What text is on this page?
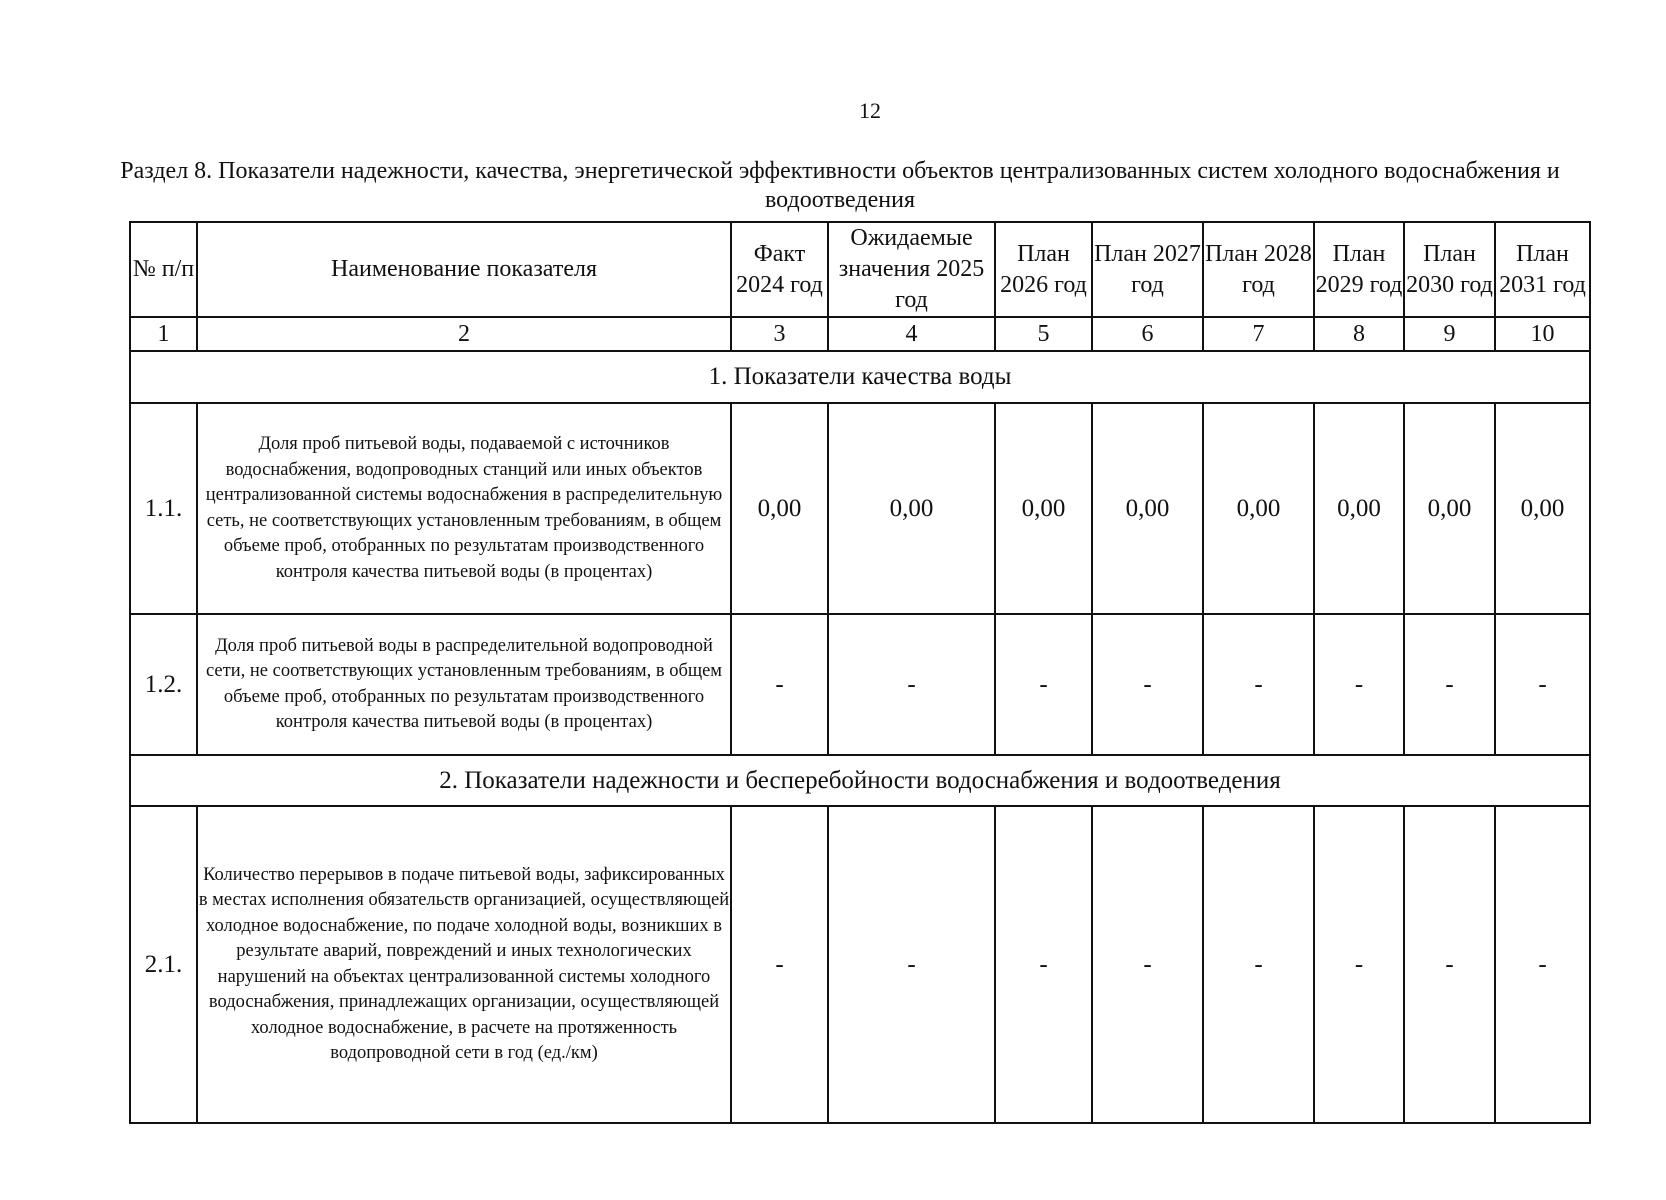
12
Раздел 8. Показатели надежности, качества, энергетической эффективности объектов централизованных систем холодного водоснабжения и водоотведения
№ п/п	Наименование показателя	Факт 2024 год	Ожидаемые значения 2025 год	План 2026 год	План 2027 год	План 2028 год	План 2029 год	План 2030 год	План 2031 год
1	2	3	4	5	6	7	8	9	10
1. Показатели качества воды									
1.1.	Доля проб питьевой воды, подаваемой с источников водоснабжения, водопроводных станций или иных объектов централизованной системы водоснабжения в распределительную сеть, не соответствующих установленным требованиям, в общем объеме проб, отобранных по результатам производственного контроля качества питьевой воды (в процентах)	0,00	0,00	0,00	0,00	0,00	0,00	0,00	0,00
1.2.	Доля проб питьевой воды в распределительной водопроводной сети, не соответствующих установленным требованиям, в общем объеме проб, отобранных по результатам производственного контроля качества питьевой воды (в процентах)	-	-	-	-	-	-	-	-
2. Показатели надежности и бесперебойности водоснабжения и водоотведения									
2.1.	Количество перерывов в подаче питьевой воды, зафиксированных в местах исполнения обязательств организацией, осуществляющей холодное водоснабжение, по подаче холодной воды, возникших в результате аварий, повреждений и иных технологических нарушений на объектах централизованной системы холодного водоснабжения, принадлежащих организации, осуществляющей холодное водоснабжение, в расчете на протяженность водопроводной сети в год (ед./км)	-	-	-	-	-	-	-	-
